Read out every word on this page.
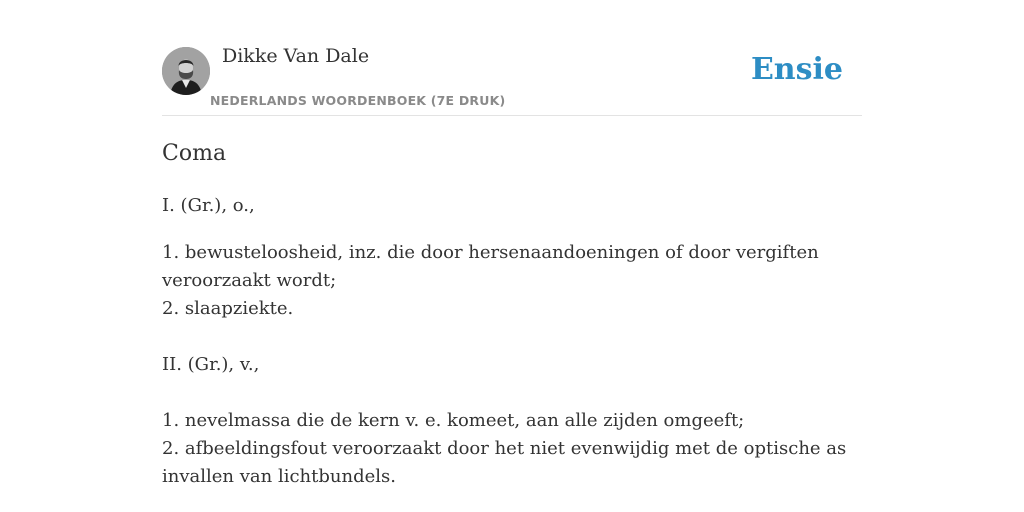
Dikke Van Dale
NEDERLANDS WOORDENBOEK (7E DRUK)
Ensie
Coma
I. (Gr.), o.,
1. bewusteloosheid, inz. die door hersenaandoeningen of door vergiften
veroorzaakt wordt;
2. slaapziekte.
II. (Gr.), v.,
1. nevelmassa die de kern v. e. komeet, aan alle zijden omgeeft;
2. afbeeldingsfout veroorzaakt door het niet evenwijdig met de optische as
invallen van lichtbundels.
